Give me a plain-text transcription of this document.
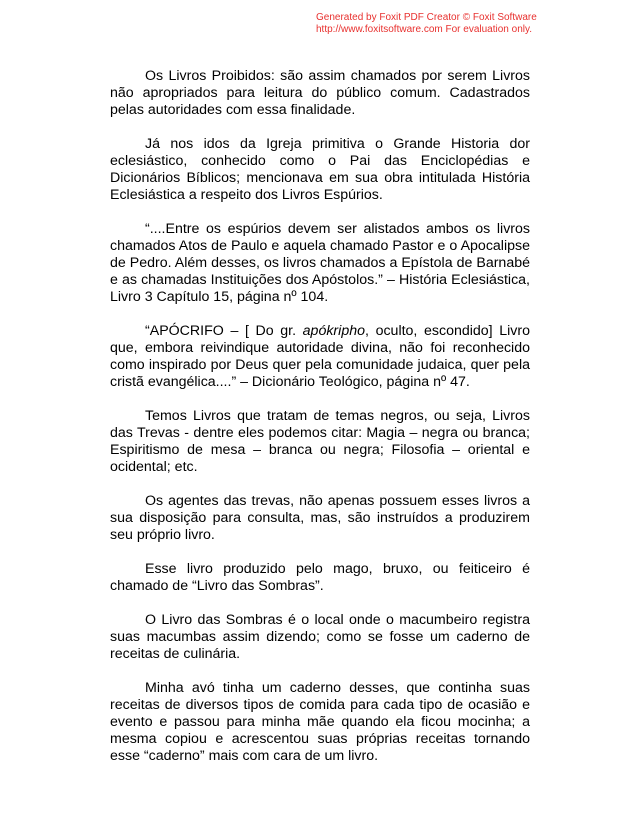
Generated by Foxit PDF Creator © Foxit Software
http://www.foxitsoftware.com For evaluation only.

Os Livros Proibidos: são assim chamados por serem Livros não apropriados para leitura do público comum. Cadastrados pelas autoridades com essa finalidade.

Já nos idos da Igreja primitiva o Grande Historia dor eclesiástico, conhecido como o Pai das Enciclopédias e Dicionários Bíblicos; mencionava em sua obra intitulada História Eclesiástica a respeito dos Livros Espúrios.

“....Entre os espúrios devem ser alistados ambos os livros chamados Atos de Paulo e aquela chamado Pastor e o Apocalipse de Pedro. Além desses, os livros chamados a Epístola de Barnabé e as chamadas Instituições dos Apóstolos.” – História Eclesiástica, Livro 3 Capítulo 15, página nº 104.

“APÓCRIFO – [ Do gr. apókripho, oculto, escondido] Livro que, embora reivindique autoridade divina, não foi reconhecido como inspirado por Deus quer pela comunidade judaica, quer pela cristã evangélica....” – Dicionário Teológico, página nº 47.

Temos Livros que tratam de temas negros, ou seja, Livros das Trevas - dentre eles podemos citar: Magia – negra ou branca; Espiritismo de mesa – branca ou negra; Filosofia – oriental e ocidental; etc.

Os agentes das trevas, não apenas possuem esses livros a sua disposição para consulta, mas, são instruídos a produzirem seu próprio livro.

Esse livro produzido pelo mago, bruxo, ou feiticeiro é chamado de “Livro das Sombras”.

O Livro das Sombras é o local onde o macumbeiro registra suas macumbas assim dizendo; como se fosse um caderno de receitas de culinária.

Minha avó tinha um caderno desses, que continha suas receitas de diversos tipos de comida para cada tipo de ocasião e evento e passou para minha mãe quando ela ficou mocinha; a mesma copiou e acrescentou suas próprias receitas tornando esse “caderno” mais com cara de um livro.
